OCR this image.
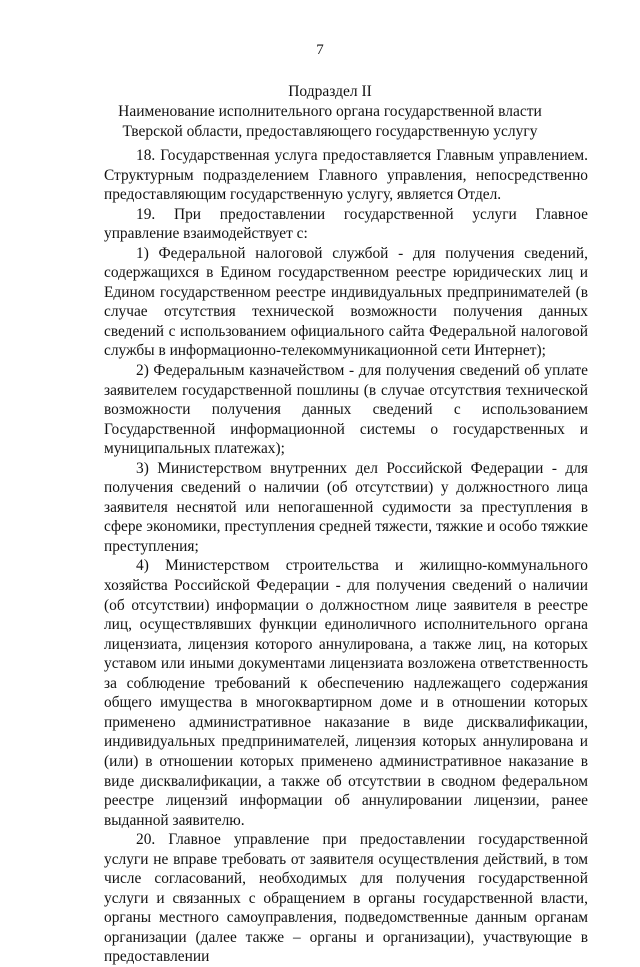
7
Подраздел II
Наименование исполнительного органа государственной власти
Тверской области, предоставляющего государственную услугу

18. Государственная услуга предоставляется Главным управлением. Структурным подразделением Главного управления, непосредственно предоставляющим государственную услугу, является Отдел.

19. При предоставлении государственной услуги Главное управление взаимодействует с:

1) Федеральной налоговой службой - для получения сведений, содержащихся в Едином государственном реестре юридических лиц и Едином государственном реестре индивидуальных предпринимателей (в случае отсутствия технической возможности получения данных сведений с использованием официального сайта Федеральной налоговой службы в информационно-телекоммуникационной сети Интернет);

2) Федеральным казначейством - для получения сведений об уплате заявителем государственной пошлины (в случае отсутствия технической возможности получения данных сведений с использованием Государственной информационной системы о государственных и муниципальных платежах);

3) Министерством внутренних дел Российской Федерации - для получения сведений о наличии (об отсутствии) у должностного лица заявителя неснятой или непогашенной судимости за преступления в сфере экономики, преступления средней тяжести, тяжкие и особо тяжкие преступления;

4) Министерством строительства и жилищно-коммунального хозяйства Российской Федерации - для получения сведений о наличии (об отсутствии) информации о должностном лице заявителя в реестре лиц, осуществлявших функции единоличного исполнительного органа лицензиата, лицензия которого аннулирована, а также лиц, на которых уставом или иными документами лицензиата возложена ответственность за соблюдение требований к обеспечению надлежащего содержания общего имущества в многоквартирном доме и в отношении которых применено административное наказание в виде дисквалификации, индивидуальных предпринимателей, лицензия которых аннулирована и (или) в отношении которых применено административное наказание в виде дисквалификации, а также об отсутствии в сводном федеральном реестре лицензий информации об аннулировании лицензии, ранее выданной заявителю.

20. Главное управление при предоставлении государственной услуги не вправе требовать от заявителя осуществления действий, в том числе согласований, необходимых для получения государственной услуги и связанных с обращением в органы государственной власти, органы местного самоуправления, подведомственные данным органам организации (далее также – органы и организации), участвующие в предоставлении
